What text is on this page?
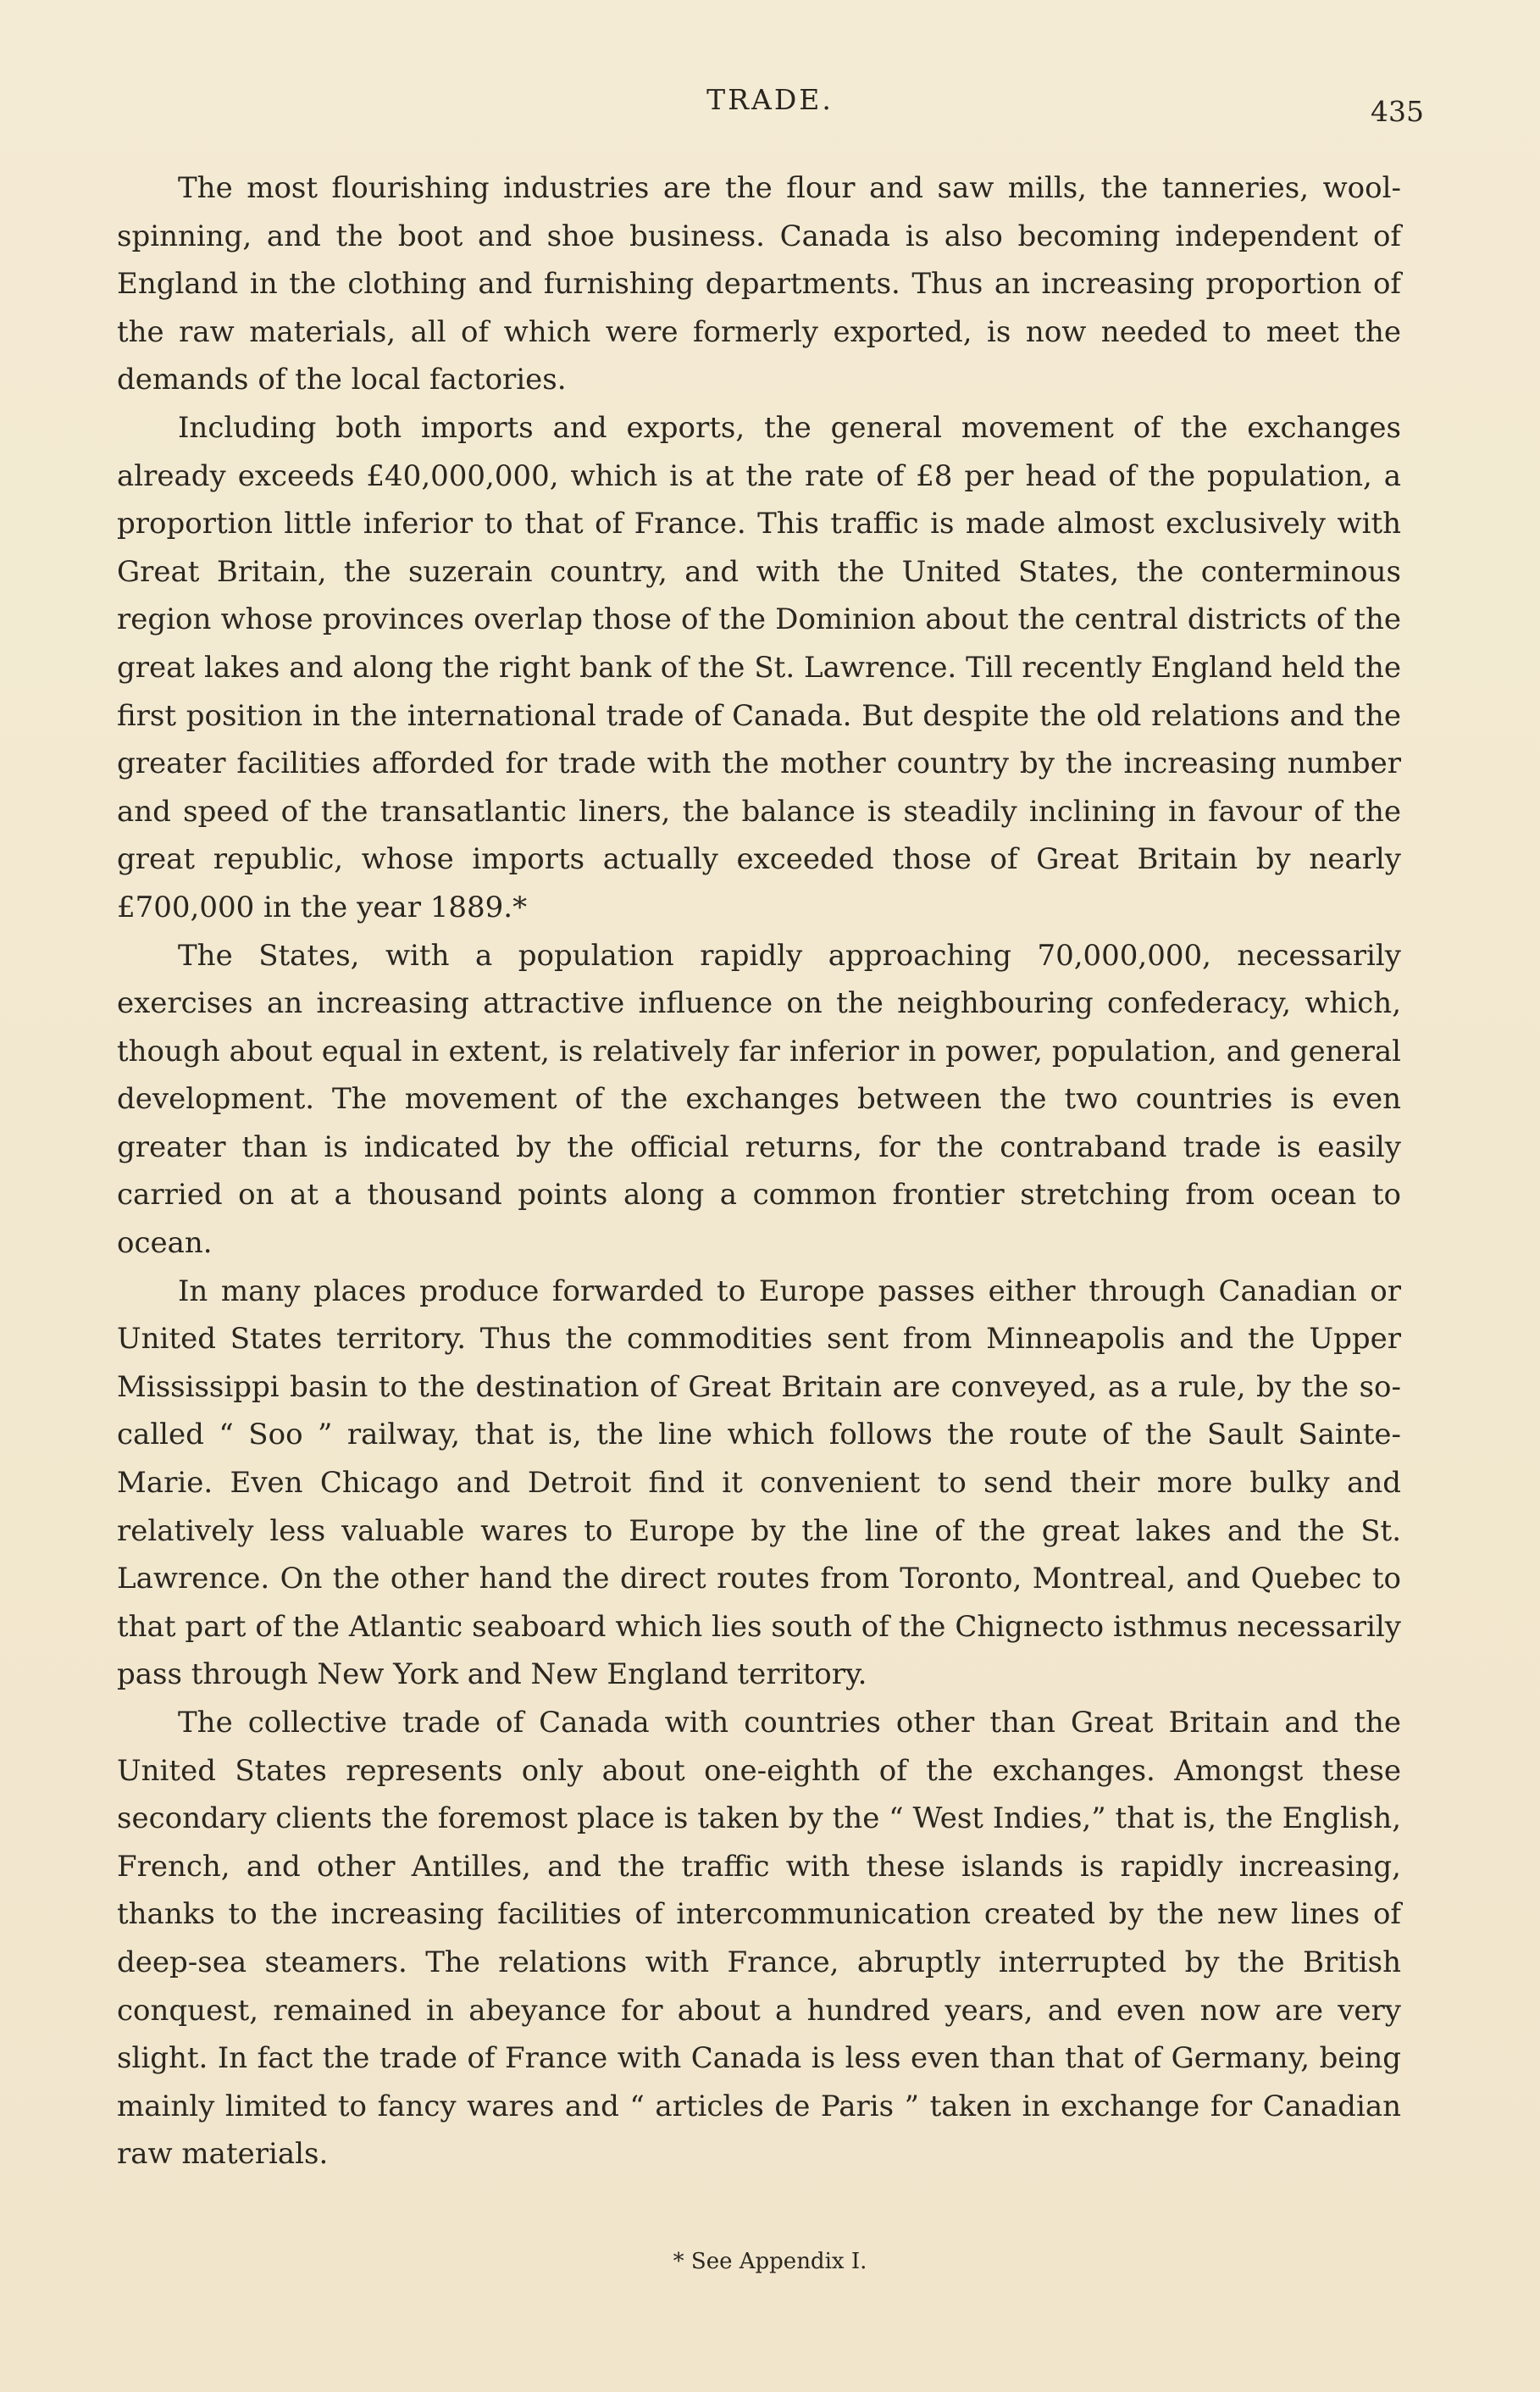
TRADE.	435

The most flourishing industries are the flour and saw mills, the tanneries, wool-spinning, and the boot and shoe business. Canada is also becoming independent of England in the clothing and furnishing departments. Thus an increasing proportion of the raw materials, all of which were formerly exported, is now needed to meet the demands of the local factories.

Including both imports and exports, the general movement of the exchanges already exceeds £40,000,000, which is at the rate of £8 per head of the population, a proportion little inferior to that of France. This traffic is made almost exclusively with Great Britain, the suzerain country, and with the United States, the conterminous region whose provinces overlap those of the Dominion about the central districts of the great lakes and along the right bank of the St. Lawrence. Till recently England held the first position in the international trade of Canada. But despite the old relations and the greater facilities afforded for trade with the mother country by the increasing number and speed of the transatlantic liners, the balance is steadily inclining in favour of the great republic, whose imports actually exceeded those of Great Britain by nearly £700,000 in the year 1889.*

The States, with a population rapidly approaching 70,000,000, necessarily exercises an increasing attractive influence on the neighbouring confederacy, which, though about equal in extent, is relatively far inferior in power, population, and general development. The movement of the exchanges between the two countries is even greater than is indicated by the official returns, for the contraband trade is easily carried on at a thousand points along a common frontier stretching from ocean to ocean.

In many places produce forwarded to Europe passes either through Canadian or United States territory. Thus the commodities sent from Minneapolis and the Upper Mississippi basin to the destination of Great Britain are conveyed, as a rule, by the so-called “ Soo ” railway, that is, the line which follows the route of the Sault Sainte-Marie. Even Chicago and Detroit find it convenient to send their more bulky and relatively less valuable wares to Europe by the line of the great lakes and the St. Lawrence. On the other hand the direct routes from Toronto, Montreal, and Quebec to that part of the Atlantic seaboard which lies south of the Chignecto isthmus necessarily pass through New York and New England territory.

The collective trade of Canada with countries other than Great Britain and the United States represents only about one-eighth of the exchanges. Amongst these secondary clients the foremost place is taken by the “ West Indies,” that is, the English, French, and other Antilles, and the traffic with these islands is rapidly increasing, thanks to the increasing facilities of intercommunication created by the new lines of deep-sea steamers. The relations with France, abruptly interrupted by the British conquest, remained in abeyance for about a hundred years, and even now are very slight. In fact the trade of France with Canada is less even than that of Germany, being mainly limited to fancy wares and “ articles de Paris ” taken in exchange for Canadian raw materials.

* See Appendix I.
